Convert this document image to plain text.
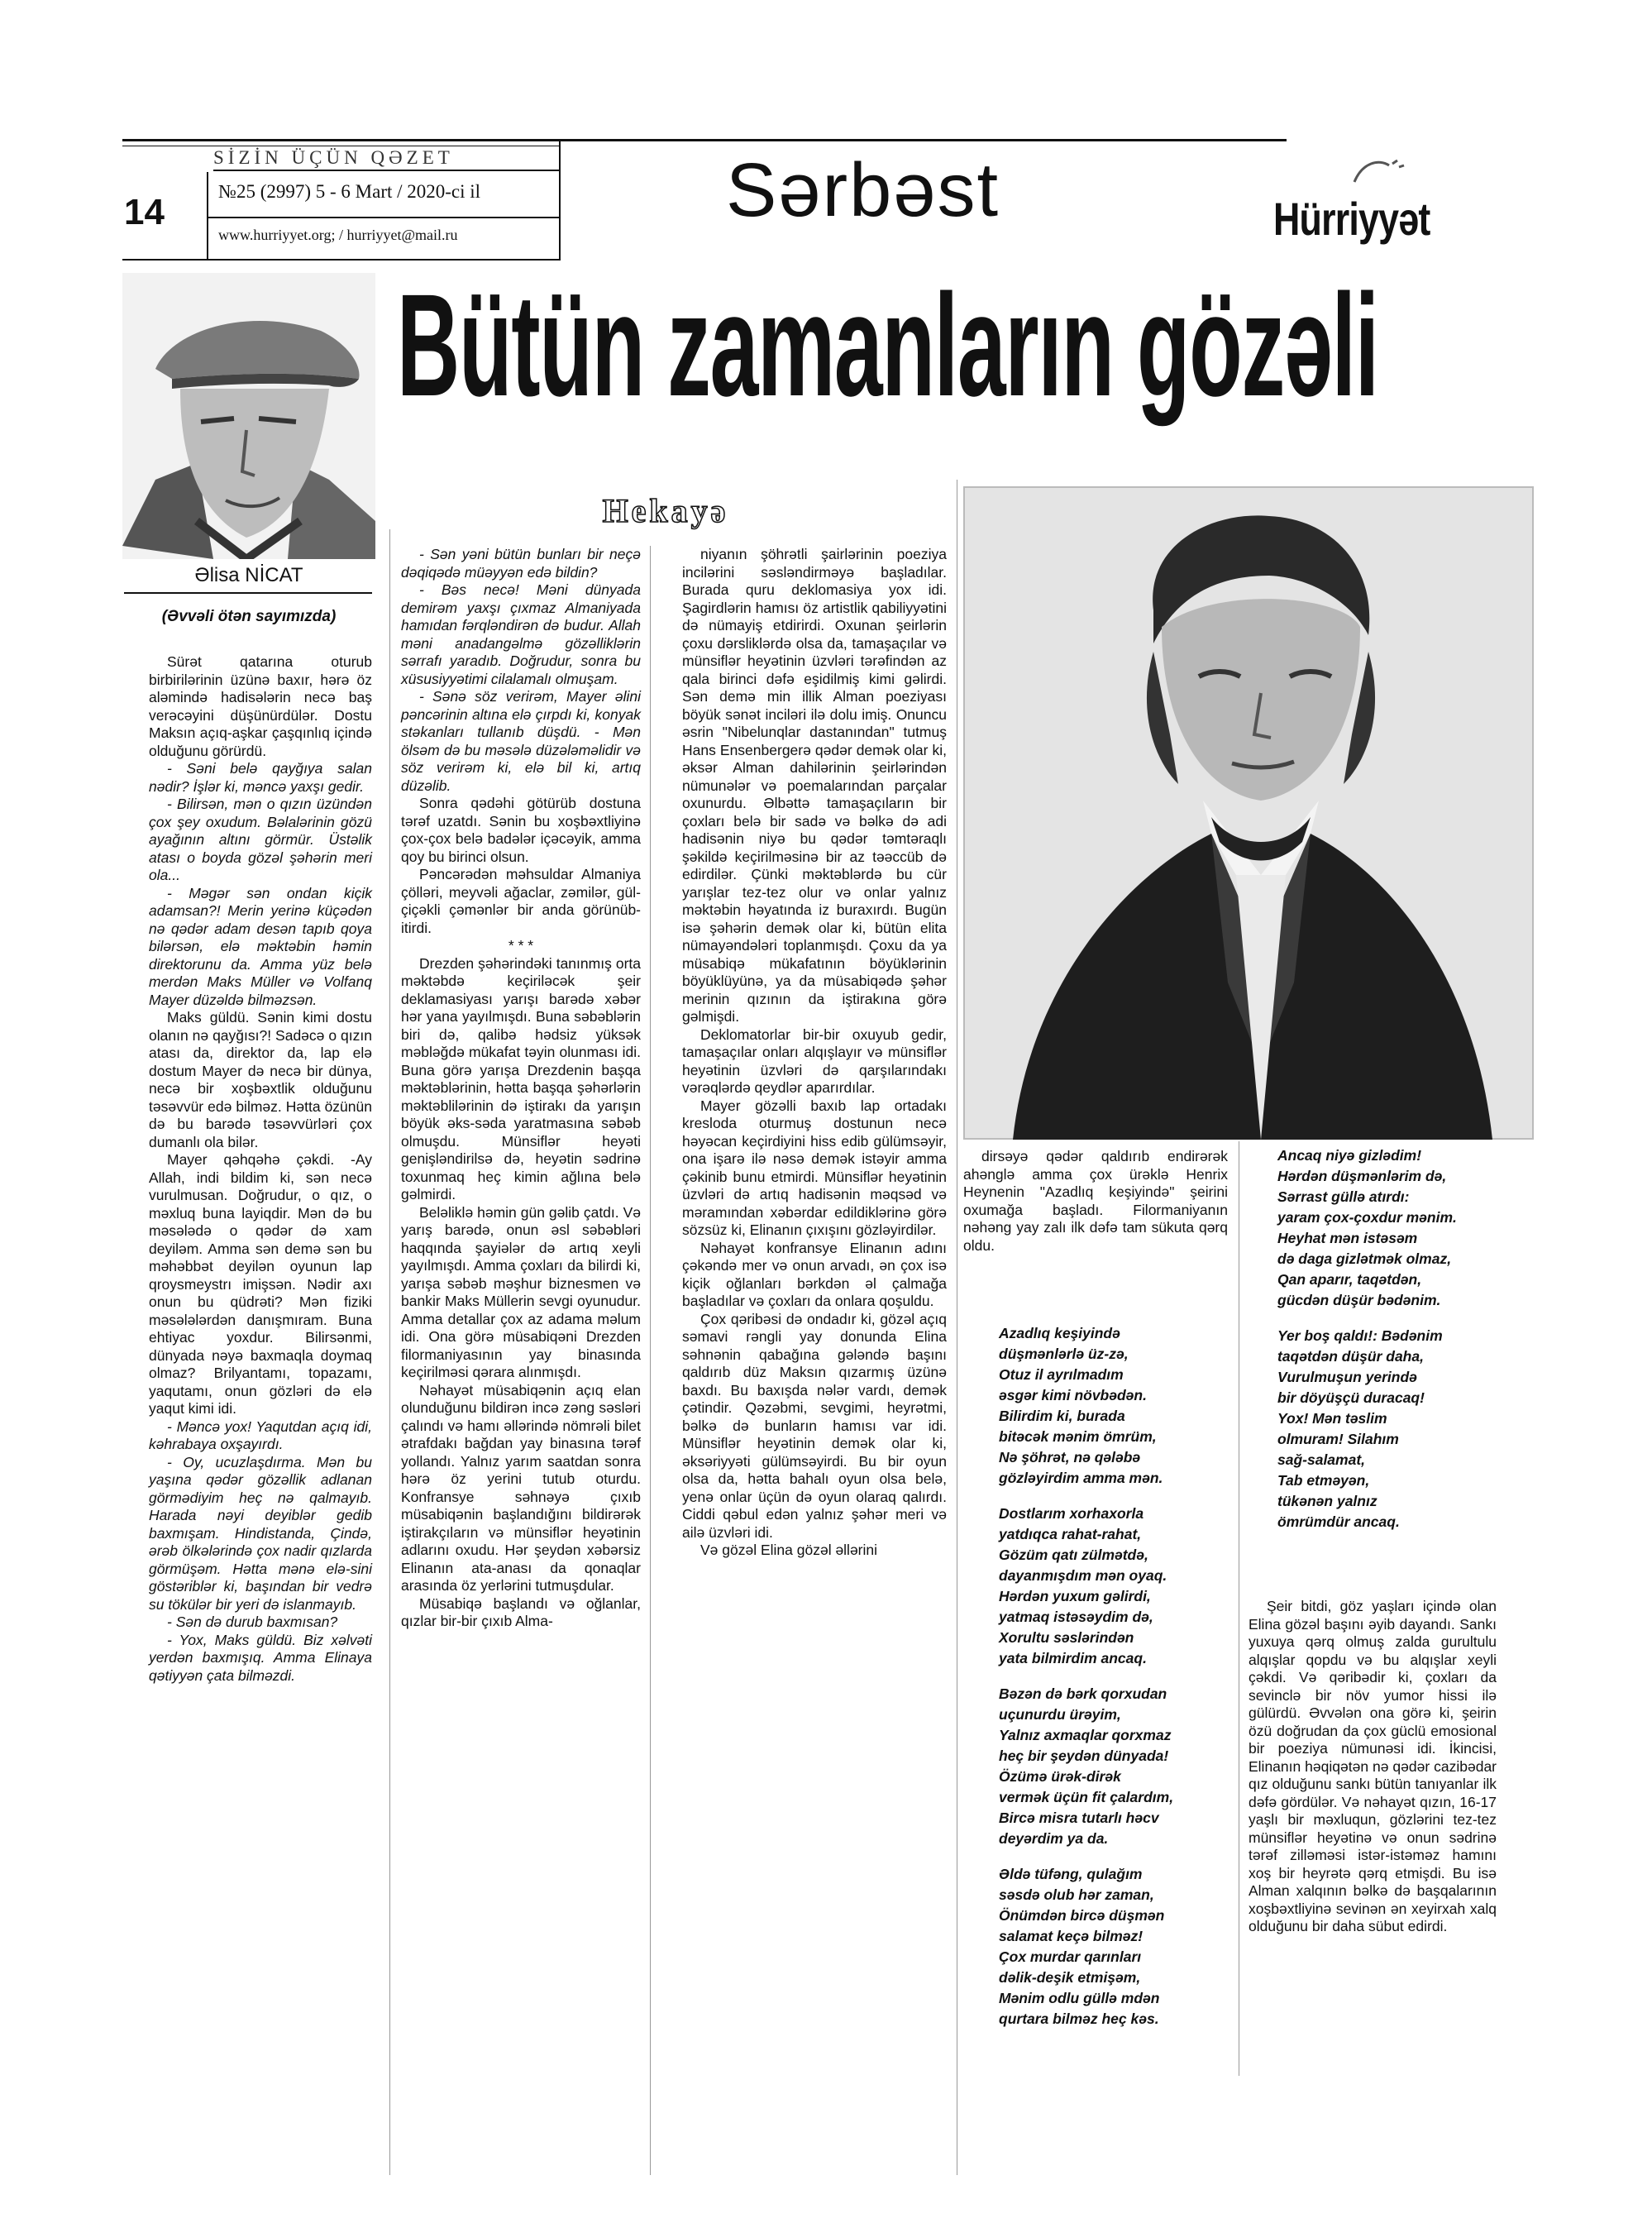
SİZİN ÜÇÜN QƏZET
14
№25 (2997) 5 - 6 Mart / 2020-ci il
www.hurriyyet.org; / hurriyyet@mail.ru
Sərbəst	Hürriyyət
Əlisa NİCAT
(Əvvəli ötən sayımızda)
Bütün zamanların gözəli
Hekayə

Sürət qatarına oturub birbirilərinin üzünə baxır, hərə öz aləmində hadisələrin necə baş verəcəyini düşünürdülər. Dostu Maksın açıq-aşkar çaşqınlıq içində olduğunu görürdü.

- Səni belə qayğıya salan nədir? İşlər ki, məncə yaxşı gedir.

- Bilirsən, mən o qızın üzündən çox şey oxudum. Bəlalərinin gözü ayağının altını görmür. Üstəlik atası o boyda gözəl şəhərin meri ola...

- Məgər sən ondan kiçik adamsan?! Merin yerinə küçədən nə qədər adam desən tapıb qoya bilərsən, elə məktəbin həmin direktorunu da. Amma yüz belə merdən Maks Müller və Volfanq Mayer düzəldə bilməzsən.

Maks güldü. Sənin kimi dostu olanın nə qayğısı?! Sadəcə o qızın atası da, direktor da, lap elə dostum Mayer də necə bir dünya, necə bir xoşbəxtlik olduğunu təsəvvür edə bilməz. Hətta özünün də bu barədə təsəvvürləri çox dumanlı ola bilər.

Mayer qəhqəhə çəkdi. -Ay Allah, indi bildim ki, sən necə vurulmusan. Doğrudur, o qız, o məxluq buna layiqdir. Mən də bu məsələdə o qədər də xam deyiləm. Amma sən demə sən bu məhəbbət deyilən oyunun lap qroysmeystrı imişsən. Nədir axı onun bu qüdrəti? Mən fiziki məsələlərdən danışmıram. Buna ehtiyac yoxdur. Bilirsənmi, dünyada nəyə baxmaqla doymaq olmaz? Brilyantamı, topazamı, yaqutamı, onun gözləri də elə yaqut kimi idi.

- Məncə yox! Yaqutdan açıq idi, kəhrabaya oxşayırdı.

- Oy, ucuzlaşdırma. Mən bu yaşına qədər gözəllik adlanan görmədiyim heç nə qalmayıb. Harada nəyi deyiblər gedib baxmışam. Hindistanda, Çində, ərəb ölkələrində çox nadir qızlarda görmüşəm. Hətta mənə elə-sini göstəriblər ki, başından bir vedrə su tökülər bir yeri də islanmayıb.

- Sən də durub baxmısan?

- Yox, Maks güldü. Biz xəlvəti yerdən baxmışıq. Amma Elinaya qətiyyən çata bilməzdi.

- Sən yəni bütün bunları bir neçə dəqiqədə müəyyən edə bildin?

- Bəs necə! Məni dünyada demirəm yaxşı çıxmaz Almaniyada hamıdan fərqləndirən də budur. Allah məni anadangəlmə gözəlliklərin sərrafı yaradıb. Doğrudur, sonra bu xüsusiyyətimi cilalamalı olmuşam.

- Sənə söz verirəm, Mayer əlini pəncərinin altına elə çırpdı ki, konyak stəkanları tullanıb düşdü. - Mən ölsəm də bu məsələ düzələməlidir və söz verirəm ki, elə bil ki, artıq düzəlib.

Sonra qədəhi götürüb dostuna tərəf uzatdı. Sənin bu xoşbəxtliyinə çox-çox belə badələr içəcəyik, amma qoy bu birinci olsun.

Pəncərədən məhsuldar Almaniya çölləri, meyvəli ağaclar, zəmilər, gül-çiçəkli çəmənlər bir anda görünüb-itirdi.

* * *

Drezden şəhərindəki tanınmış orta məktəbdə keçiriləcək şeir deklamasiyası yarışı barədə xəbər hər yana yayılmışdı. Buna səbəblərin biri də, qalibə hədsiz yüksək məbləğdə mükafat təyin olunması idi. Buna görə yarışa Drezdenin başqa məktəblərinin, hətta başqa şəhərlərin məktəblilərinin də iştirakı da yarışın böyük əks-səda yaratmasına səbəb olmuşdu. Münsiflər heyəti genişləndirilsə də, heyətin sədrinə toxunmaq heç kimin ağlına belə gəlmirdi.

Beləliklə həmin gün gəlib çatdı. Və yarış barədə, onun əsl səbəbləri haqqında şayiələr də artıq xeyli yayılmışdı. Amma çoxları da bilirdi ki, yarışa səbəb məşhur biznesmen və bankir Maks Müllerin sevgi oyunudur. Amma detallar çox az adama məlum idi. Ona görə müsabiqəni Drezden filormaniyasının yay binasında keçirilməsi qərara alınmışdı.

Nəhayət müsabiqənin açıq elan olunduğunu bildirən incə zəng səsləri çalındı və hamı əllərində nömrəli bilet ətrafdakı bağdan yay binasına tərəf yollandı. Yalnız yarım saatdan sonra hərə öz yerini tutub oturdu. Konfransye səhnəyə çıxıb müsabiqənin başlandığını bildirərək iştirakçıların və münsiflər heyətinin adlarını oxudu. Hər şeydən xəbərsiz Elinanın ata-anası da qonaqlar arasında öz yerlərini tutmuşdular.

Müsabiqə başlandı və oğlanlar, qızlar bir-bir çıxıb Alma-

niyanın şöhrətli şairlərinin poeziya incilərini səsləndirməyə başladılar. Burada quru deklomasiya yox idi. Şagirdlərin hamısı öz artistlik qabiliyyətini də nümayiş etdirirdi. Oxunan şeirlərin çoxu dərsliklərdə olsa da, tamaşaçılar və münsiflər heyətinin üzvləri tərəfindən az qala birinci dəfə eşidilmiş kimi gəlirdi. Sən demə min illik Alman poeziyası böyük sənət inciləri ilə dolu imiş. Onuncu əsrin "Nibelunqlar dastanından" tutmuş Hans Ensenbergerə qədər demək olar ki, əksər Alman dahilərinin şeirlərindən nümunələr və poemalarından parçalar oxunurdu. Əlbəttə tamaşaçıların bir çoxları belə bir sadə və bəlkə də adi hadisənin niyə bu qədər təmtəraqlı şəkildə keçirilməsinə bir az təəccüb də edirdilər. Çünki məktəblərdə bu cür yarışlar tez-tez olur və onlar yalnız məktəbin həyatında iz buraxırdı. Bugün isə şəhərin demək olar ki, bütün elita nümayəndələri toplanmışdı. Çoxu da ya müsabiqə mükafatının böyüklərinin böyüklüyünə, ya da müsabiqədə şəhər merinin qızının da iştirakına görə gəlmişdi.

Deklomatorlar bir-bir oxuyub gedir, tamaşaçılar onları alqışlayır və münsiflər heyətinin üzvləri də qarşılarındakı vərəqlərdə qeydlər aparırdılar.

Mayer gözəlli baxıb lap ortadakı kresloda oturmuş dostunun necə həyəcan keçirdiyini hiss edib gülümsəyir, ona işarə ilə nəsə demək istəyir amma çəkinib bunu etmirdi. Münsiflər heyətinin üzvləri də artıq hadisənin məqsəd və məramından xəbərdar edildiklərinə görə sözsüz ki, Elinanın çıxışını gözləyirdilər.

Nəhayət konfransye Elinanın adını çəkəndə mer və onun arvadı, ən çox isə kiçik oğlanları bərkdən əl çalmağa başladılar və çoxları da onlara qoşuldu.

Çox qəribəsi də ondadır ki, gözəl açıq səmavi rəngli yay donunda Elina səhnənin qabağına gələndə başını qaldırıb düz Maksın qızarmış üzünə baxdı. Bu baxışda nələr vardı, demək çətindir. Qəzəbmi, sevgimi, heyrətmi, bəlkə də bunların hamısı var idi. Münsiflər heyətinin demək olar ki, əksəriyyəti gülümsəyirdi. Bu bir oyun olsa da, hətta bahalı oyun olsa belə, yenə onlar üçün də oyun olaraq qalırdı. Ciddi qəbul edən yalnız şəhər meri və ailə üzvləri idi.

Və gözəl Elina gözəl əllərini

dirsəyə qədər qaldırıb endirərək ahənglə amma çox ürəklə Henrix Heynenin "Azadlıq keşiyində" şeirini oxumağa başladı. Filormaniyanın nəhəng yay zalı ilk dəfə tam sükuta qərq oldu.

Şeir bitdi, göz yaşları içində olan Elina gözəl başını əyib dayandı. Sankı yuxuya qərq olmuş zalda gurultulu alqışlar qopdu və bu alqışlar xeyli çəkdi. Və qəribədir ki, çoxları da sevinclə bir növ yumor hissi ilə gülürdü. Əvvələn ona görə ki, şeirin özü doğrudan da çox güclü emosional bir poeziya nümunəsi idi. İkincisi, Elinanın həqiqətən nə qədər cazibədar qız olduğunu sankı bütün tanıyanlar ilk dəfə gördülər. Və nəhayət qızın, 16-17 yaşlı bir məxluqun, gözlərini tez-tez münsiflər heyətinə və onun sədrinə tərəf zilləməsi istər-istəməz hamını xoş bir heyrətə qərq etmişdi. Bu isə Alman xalqının bəlkə də başqalarının xoşbəxtliyinə sevinən ən xeyirxah xalq olduğunu bir daha sübut edirdi.

Azadlıq keşiyində
düşmənlərlə üz-zə,
Otuz il ayrılmadım
əsgər kimi növbədən.
Bilirdim ki, burada
bitəcək mənim ömrüm,
Nə şöhrət, nə qələbə
gözləyirdim amma mən.
Dostlarım xorhaxorla
yatdıqca rahat-rahat,
Gözüm qatı zülmətdə,
dayanmışdım mən oyaq.
Hərdən yuxum gəlirdi,
yatmaq istəsəydim də,
Xorultu səslərindən
yata bilmirdim ancaq.
Bəzən də bərk qorxudan
uçunurdu ürəyim,
Yalnız axmaqlar qorxmaz
heç bir şeydən dünyada!
Özümə ürək-dirək
vermək üçün fit çalardım,
Bircə misra tutarlı həcv
deyərdim ya da.
Əldə tüfəng, qulağım
səsdə olub hər zaman,
Önümdən bircə düşmən
salamat keçə bilməz!
Çox murdar qarınları
dəlik-deşik etmişəm,
Mənim odlu güllə mdən
qurtara bilməz heç kəs.
Ancaq niyə gizlədim!
Hərdən düşmənlərim də,
Sərrast güllə atırdı:
yaram çox-çoxdur mənim.
Heyhat mən istəsəm
də daga gizlətmək olmaz,
Qan aparır, taqətdən,
gücdən düşür bədənim.
Yer boş qaldı!: Bədənim
taqətdən düşür daha,
Vurulmuşun yerində
bir döyüşçü duracaq!
Yox! Mən təslim
olmuram! Silahım
sağ-salamat,
Tab etməyən,
tükənən yalnız
ömrümdür ancaq.
